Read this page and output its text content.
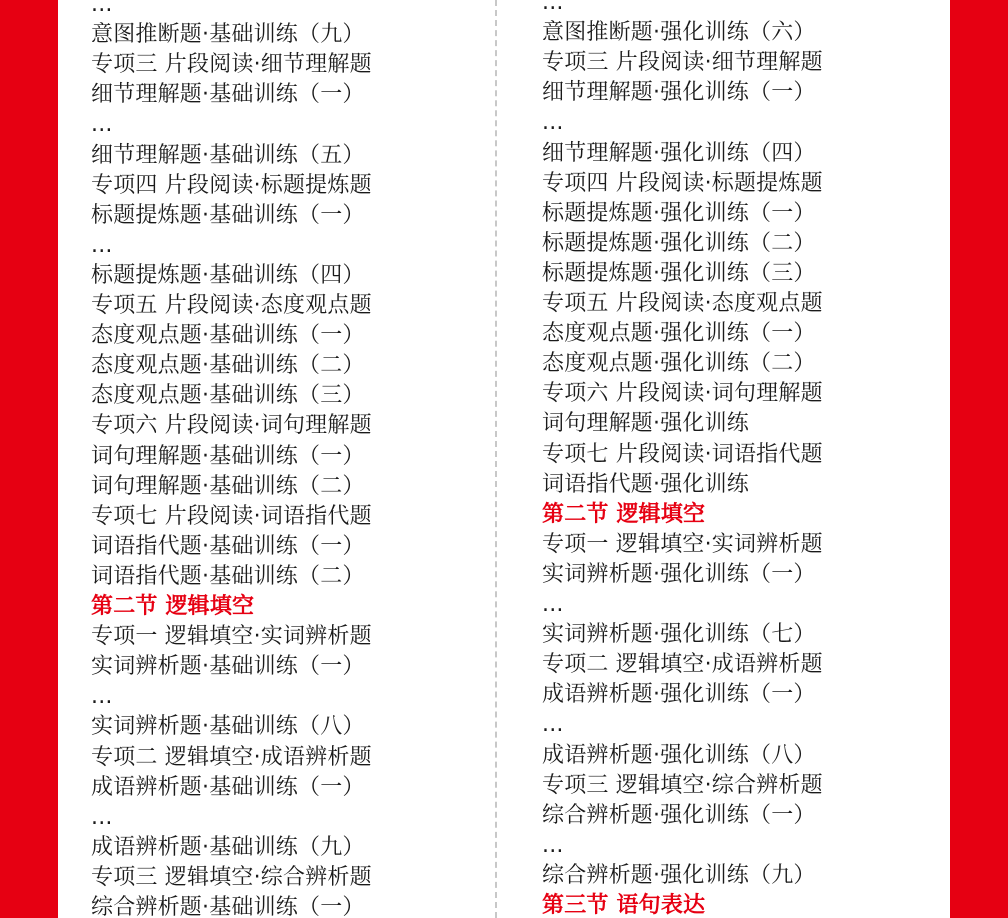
...
意图推断题·基础训练（九）
专项三 片段阅读·细节理解题
细节理解题·基础训练（一）
...
细节理解题·基础训练（五）
专项四 片段阅读·标题提炼题
标题提炼题·基础训练（一）
...
标题提炼题·基础训练（四）
专项五 片段阅读·态度观点题
态度观点题·基础训练（一）
态度观点题·基础训练（二）
态度观点题·基础训练（三）
专项六 片段阅读·词句理解题
词句理解题·基础训练（一）
词句理解题·基础训练（二）
专项七 片段阅读·词语指代题
词语指代题·基础训练（一）
词语指代题·基础训练（二）
第二节 逻辑填空
专项一 逻辑填空·实词辨析题
实词辨析题·基础训练（一）
...
实词辨析题·基础训练（八）
专项二 逻辑填空·成语辨析题
成语辨析题·基础训练（一）
...
成语辨析题·基础训练（九）
专项三 逻辑填空·综合辨析题
综合辨析题·基础训练（一）
...
意图推断题·强化训练（六）
专项三 片段阅读·细节理解题
细节理解题·强化训练（一）
...
细节理解题·强化训练（四）
专项四 片段阅读·标题提炼题
标题提炼题·强化训练（一）
标题提炼题·强化训练（二）
标题提炼题·强化训练（三）
专项五 片段阅读·态度观点题
态度观点题·强化训练（一）
态度观点题·强化训练（二）
专项六 片段阅读·词句理解题
词句理解题·强化训练
专项七 片段阅读·词语指代题
词语指代题·强化训练
第二节 逻辑填空
专项一 逻辑填空·实词辨析题
实词辨析题·强化训练（一）
...
实词辨析题·强化训练（七）
专项二 逻辑填空·成语辨析题
成语辨析题·强化训练（一）
...
成语辨析题·强化训练（八）
专项三 逻辑填空·综合辨析题
综合辨析题·强化训练（一）
...
综合辨析题·强化训练（九）
第三节 语句表达
